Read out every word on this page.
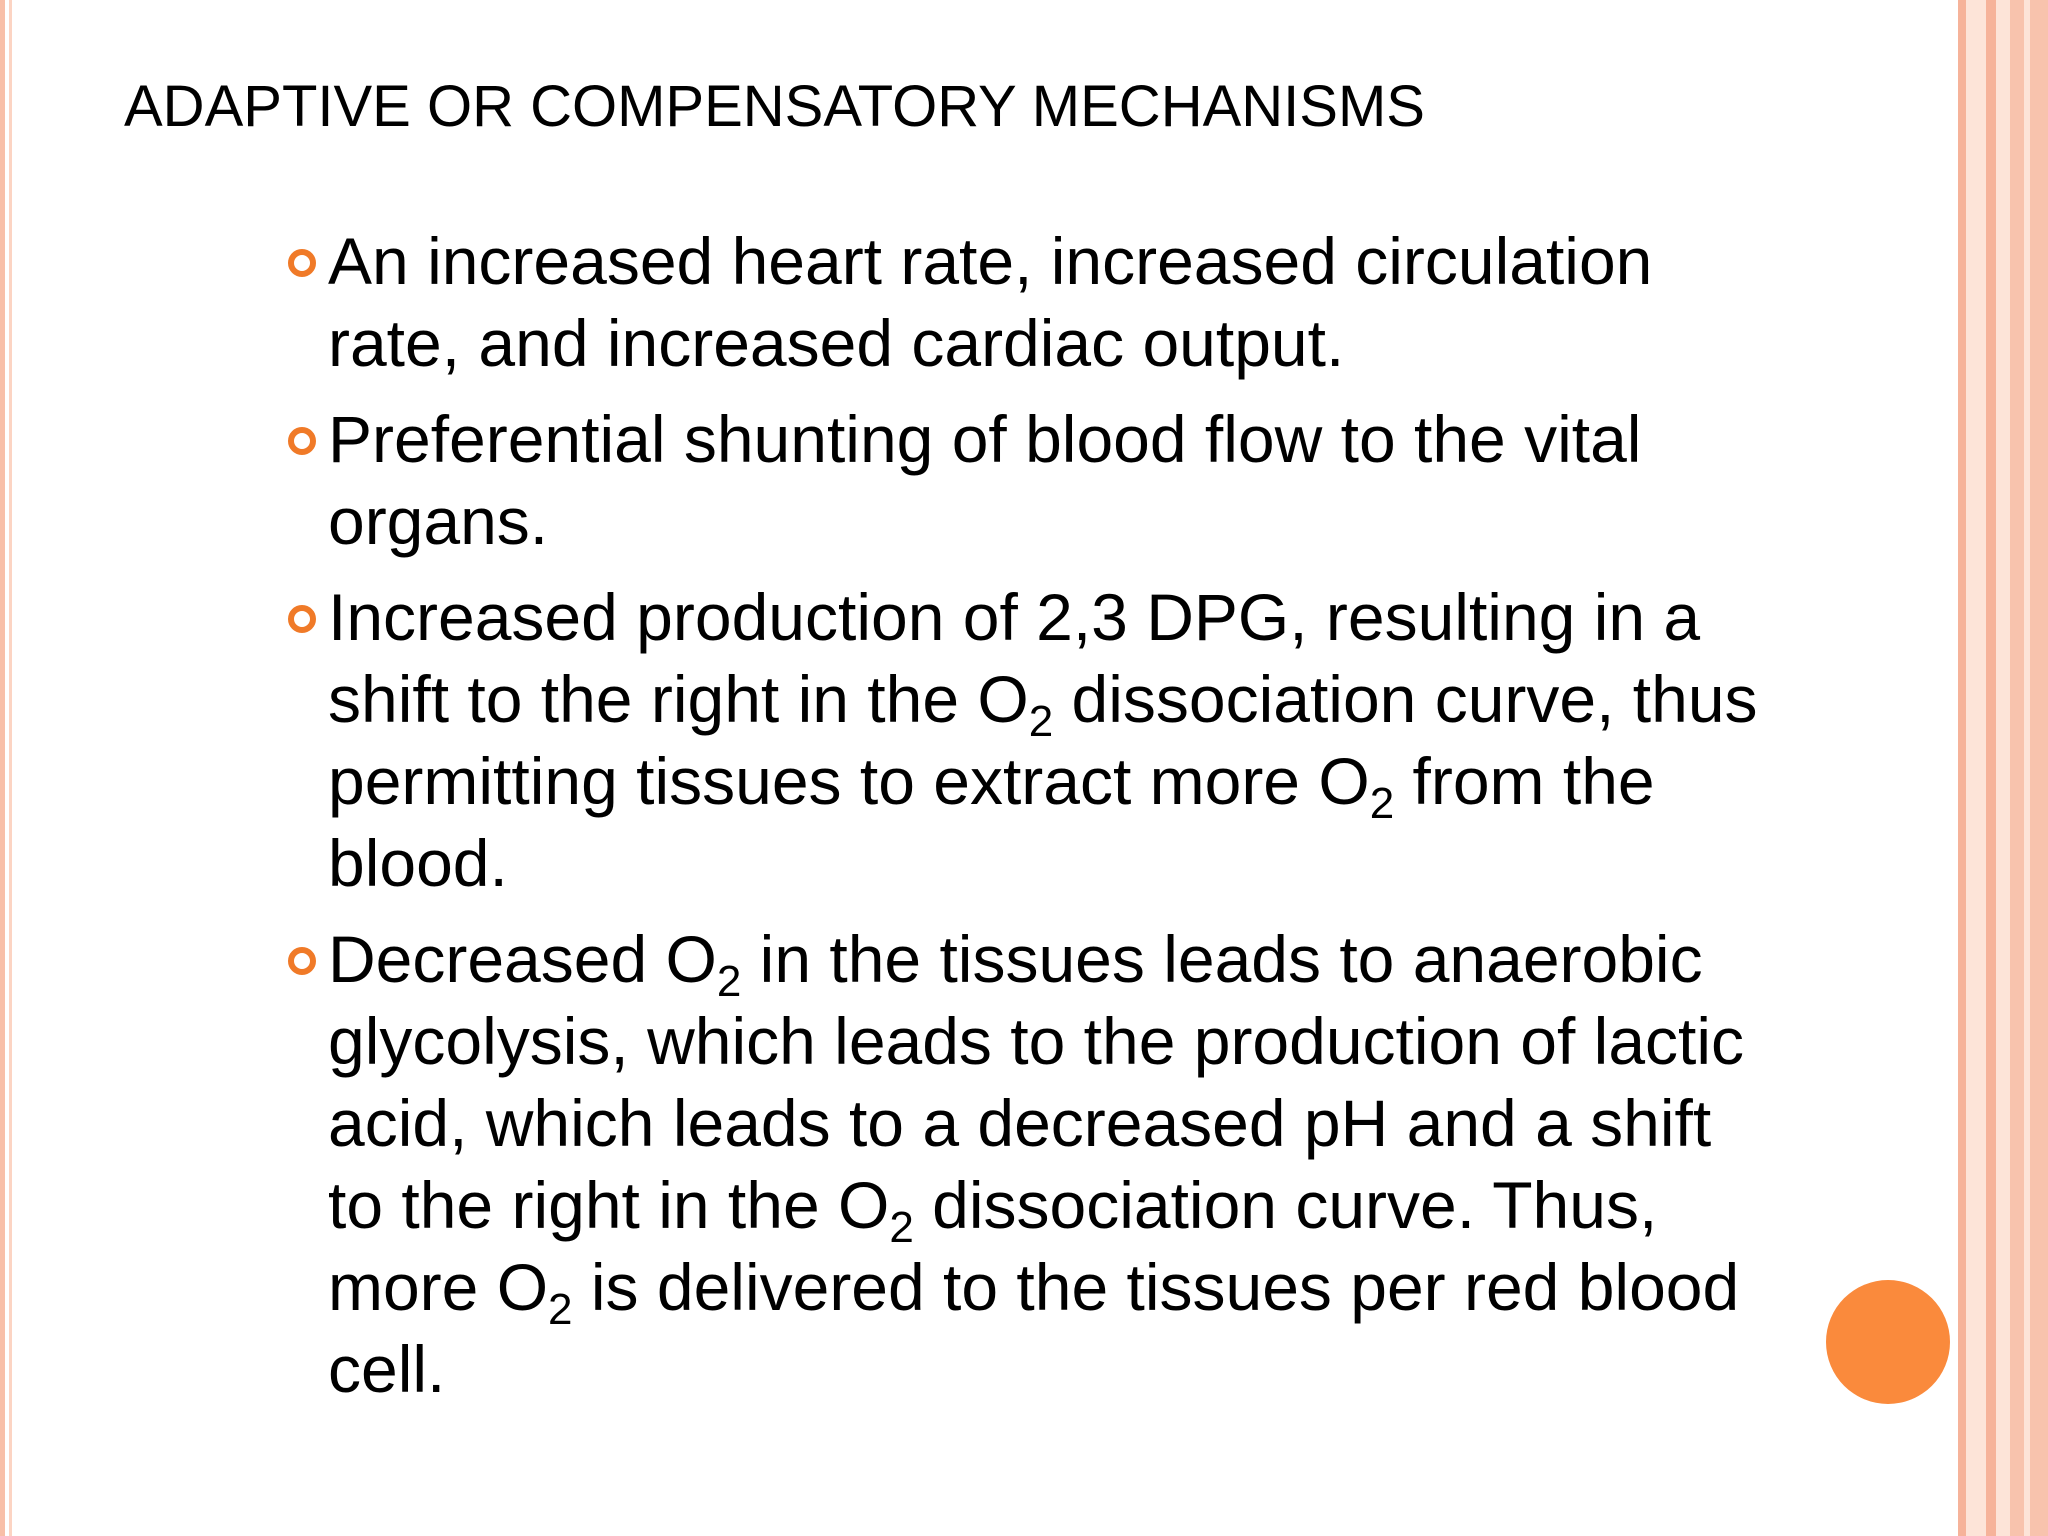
ADAPTIVE OR COMPENSATORY MECHANISMS
An increased heart rate, increased circulation rate, and increased cardiac output.
Preferential shunting of blood flow to the vital organs.
Increased production of 2,3 DPG, resulting in a shift to the right in the $O_2$ dissociation curve, thus permitting tissues to extract more $O_2$ from the blood.
Decreased $O_2$ in the tissues leads to anaerobic glycolysis, which leads to the production of lactic acid, which leads to a decreased pH and a shift to the right in the $O_2$ dissociation curve. Thus, more $O_2$ is delivered to the tissues per red blood cell.
